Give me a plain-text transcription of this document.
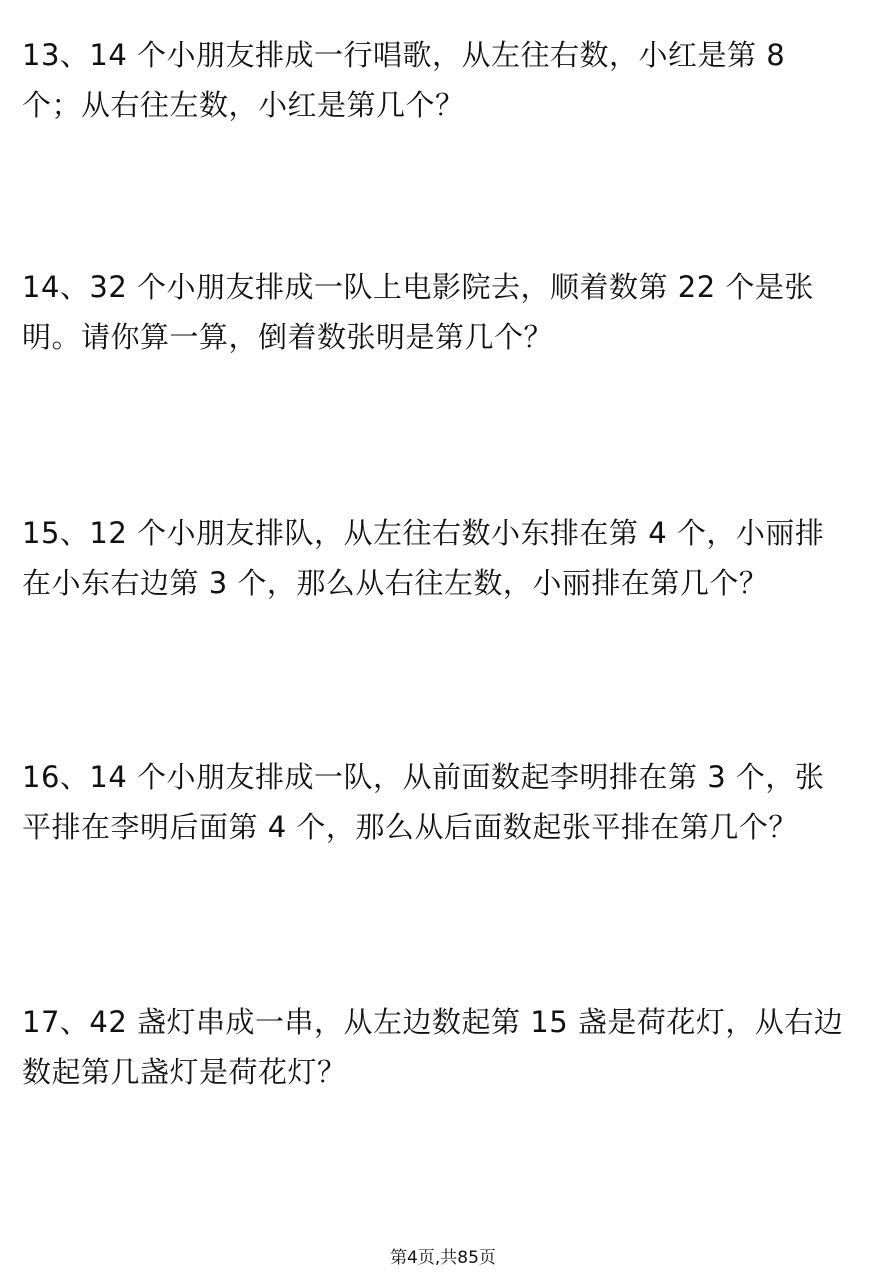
13、14 个小朋友排成一行唱歌，从左往右数，小红是第 8 个；从右往左数，小红是第几个？

14、32 个小朋友排成一队上电影院去，顺着数第 22 个是张明。请你算一算，倒着数张明是第几个？

15、12 个小朋友排队，从左往右数小东排在第 4 个，小丽排在小东右边第 3 个，那么从右往左数，小丽排在第几个？

16、14 个小朋友排成一队，从前面数起李明排在第 3 个，张平排在李明后面第 4 个，那么从后面数起张平排在第几个？

17、42 盏灯串成一串，从左边数起第 15 盏是荷花灯，从右边数起第几盏灯是荷花灯？

第4页,共85页
